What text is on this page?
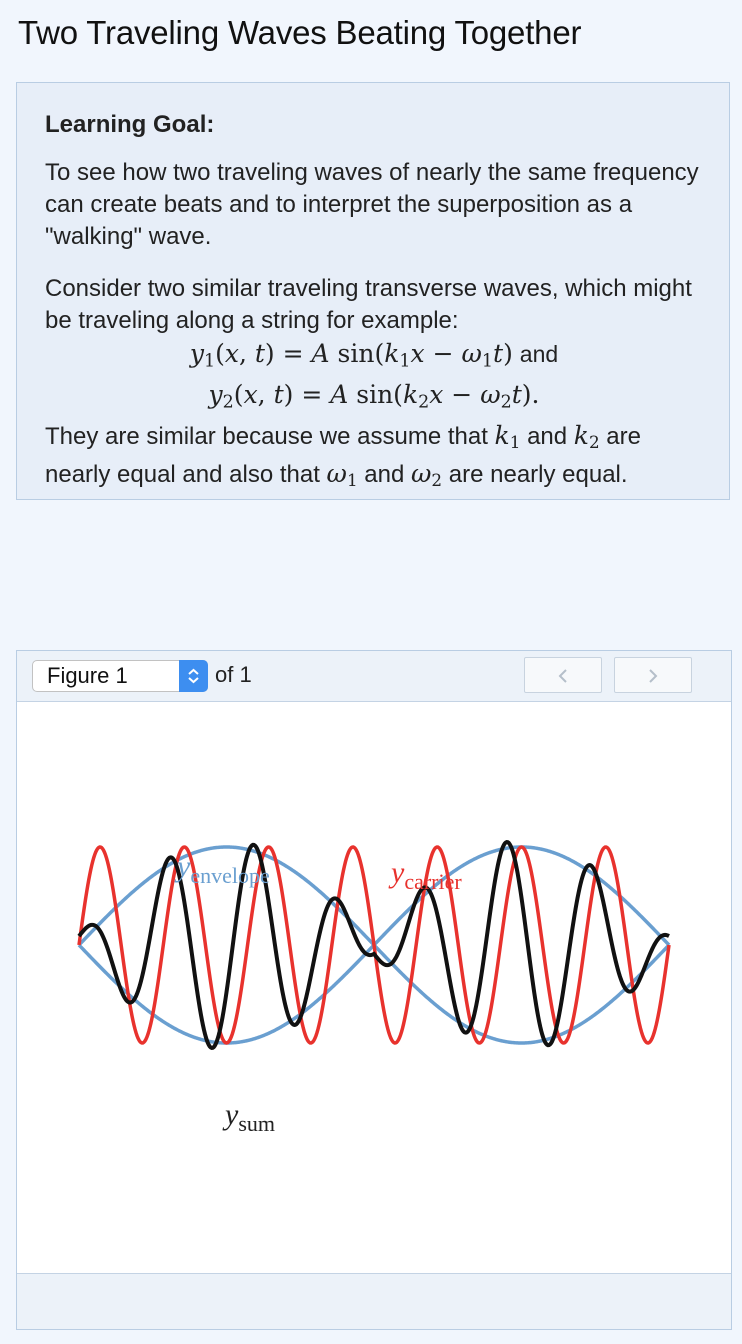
Two Traveling Waves Beating Together

Learning Goal:

To see how two traveling waves of nearly the same frequency can create beats and to interpret the superposition as a "walking" wave.

Consider two similar traveling transverse waves, which might be traveling along a string for example:
$y_1(x$, t) = A $\sin(k_1x - \omega_1t)$ and
$y_2(x$, t) = A $\sin(k_2x - \omega_2t)$.
They are similar because we assume that $k_1$ and $k_2$ are nearly equal and also that $\omega_1$ and $\omega_2$ are nearly equal.
Figure 1	of 1
$y_{envelope}$	$y_{carrier}$
$y_{sum}$
